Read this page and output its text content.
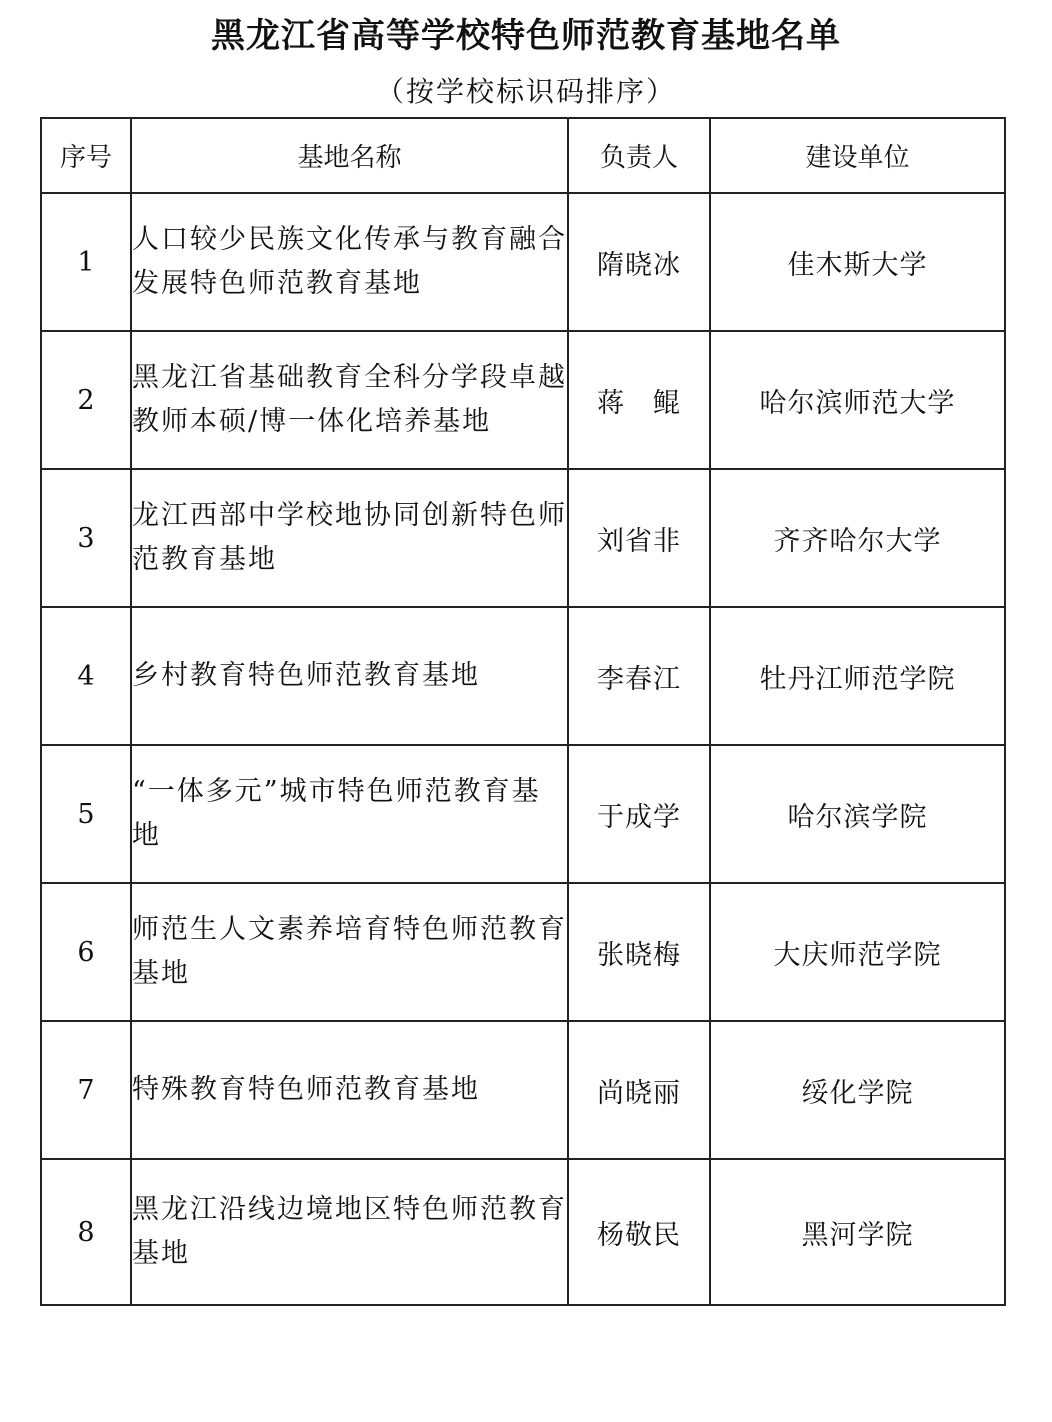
黑龙江省高等学校特色师范教育基地名单
（按学校标识码排序）
序号	基地名称	负责人	建设单位
1	人口较少民族文化传承与教育融合发展特色师范教育基地	隋晓冰	佳木斯大学
2	黑龙江省基础教育全科分学段卓越教师本硕/博一体化培养基地	蒋　鲲	哈尔滨师范大学
3	龙江西部中学校地协同创新特色师范教育基地	刘省非	齐齐哈尔大学
4	乡村教育特色师范教育基地	李春江	牡丹江师范学院
5	“一体多元”城市特色师范教育基地	于成学	哈尔滨学院
6	师范生人文素养培育特色师范教育基地	张晓梅	大庆师范学院
7	特殊教育特色师范教育基地	尚晓丽	绥化学院
8	黑龙江沿线边境地区特色师范教育基地	杨敬民	黑河学院
